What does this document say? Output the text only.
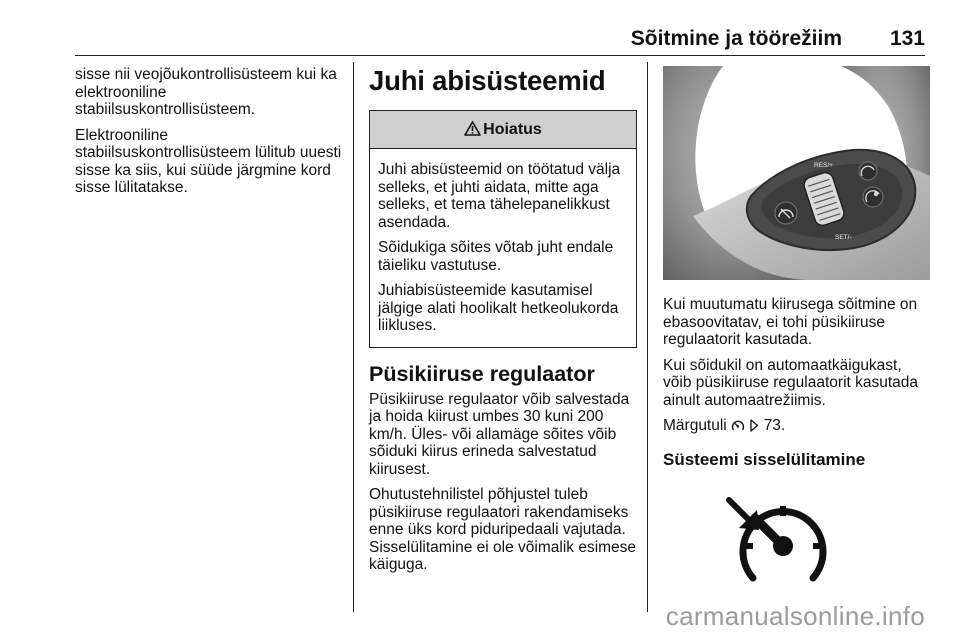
Sõitmine ja töörežiim 131

sisse nii veojõukontrollisüsteem kui ka elektrooniline stabiilsuskontrollisüsteem.

Elektrooniline stabiilsuskontrollisüsteem lülitub uuesti sisse ka siis, kui süüde järgmine kord sisse lülitatakse.

Juhi abisüsteemid
Hoiatus

Juhi abisüsteemid on töötatud välja selleks, et juhti aidata, mitte aga selleks, et tema tähelepanelikkust asendada.

Sõidukiga sõites võtab juht endale täieliku vastutuse.

Juhiabisüsteemide kasutamisel jälgige alati hoolikalt hetkeolukorda liikluses.

Püsikiiruse regulaator

Püsikiiruse regulaator võib salvestada ja hoida kiirust umbes 30 kuni 200 km/h. Üles- või allamäge sõites võib sõiduki kiirus erineda salvestatud kiirusest.

Ohutustehnilistel põhjustel tuleb püsikiiruse regulaatori rakendamiseks enne üks kord piduripedaali vajutada.

Sisselülitamine ei ole võimalik esimese käiguga.

RES/+
SET/-

Kui muutumatu kiirusega sõitmine on ebasoovitatav, ei tohi püsikiiruse regulaatorit kasutada.

Kui sõidukil on automaatkäigukast, võib püsikiiruse regulaatorit kasutada ainult automaatrežiimis.

Märgutuli 73.

Süsteemi sisselülitamine
carmanualsonline.info
